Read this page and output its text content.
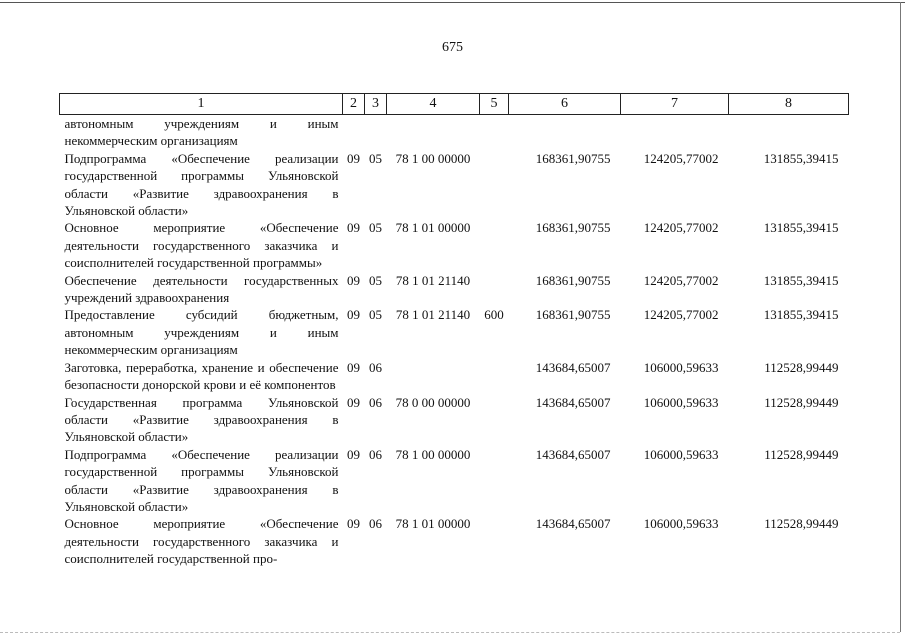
675
1	2	3	4	5	6	7	8
автономным учреждениям и иным некоммерческим организациям							
Подпрограмма «Обеспечение реализации государственной программы Ульяновской области «Развитие здравоохранения в Ульяновской области»	09	05	78 1 00 00000		168361,90755	124205,77002	131855,39415
Основное мероприятие «Обеспечение деятельности государственного заказчика и соисполнителей государственной программы»	09	05	78 1 01 00000		168361,90755	124205,77002	131855,39415
Обеспечение деятельности государственных учреждений здравоохранения	09	05	78 1 01 21140		168361,90755	124205,77002	131855,39415
Предоставление субсидий бюджетным, автономным учреждениям и иным некоммерческим организациям	09	05	78 1 01 21140	600	168361,90755	124205,77002	131855,39415
Заготовка, переработка, хранение и обеспечение безопасности донорской крови и её компонентов	09	06			143684,65007	106000,59633	112528,99449
Государственная программа Ульяновской области «Развитие здравоохранения в Ульяновской области»	09	06	78 0 00 00000		143684,65007	106000,59633	112528,99449
Подпрограмма «Обеспечение реализации государственной программы Ульяновской области «Развитие здравоохранения в Ульяновской области»	09	06	78 1 00 00000		143684,65007	106000,59633	112528,99449
Основное мероприятие «Обеспечение деятельности государственного заказчика и соисполнителей государственной про-	09	06	78 1 01 00000		143684,65007	106000,59633	112528,99449
